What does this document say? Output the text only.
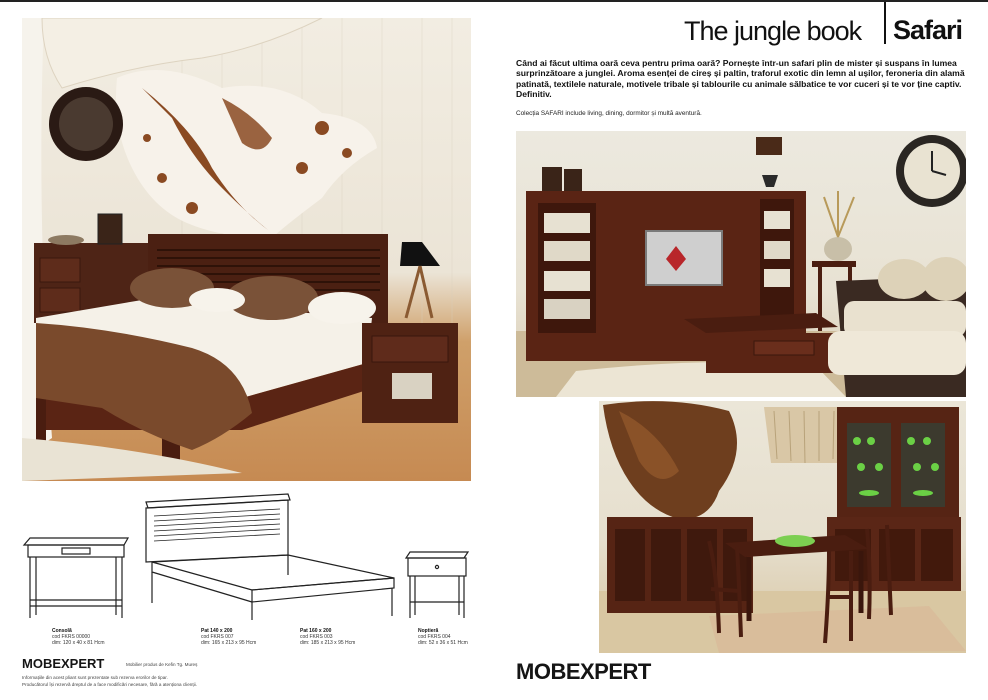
Consolă
cod FKRS 00000
dim: 120 x 40 x 81 Hcm
Pat 140 x 200
cod FKRS 007
dim: 165 x 213 x 95 Hcm
Pat 160 x 200
cod FKRS 003
dim: 185 x 213 x 95 Hcm
Noptieră
cod FKRS 004
dim: 52 x 36 x 51 Hcm
MOBEXPERT	Mobilier produs de Kefin Tg. Mureș
Informațiile din acest pliant sunt prezentate sub rezerva erorilor de tipar.
Producătorul își rezervă dreptul de a face modificări necesare, fără a atenționa clienții.
The jungle book Safari
Când ai făcut ultima oară ceva pentru prima oară? Pornește într-un safari plin de mister și suspans în lumea surprinzătoare a junglei. Aroma esenței de cireș și paltin, traforul exotic din lemn al ușilor, feroneria din alamă patinată, textilele naturale, motivele tribale și tablourile cu animale sălbatice te vor cuceri și te vor ține captiv. Definitiv.
Colecția SAFARI include living, dining, dormitor și multă aventură.
MOBEXPERT
